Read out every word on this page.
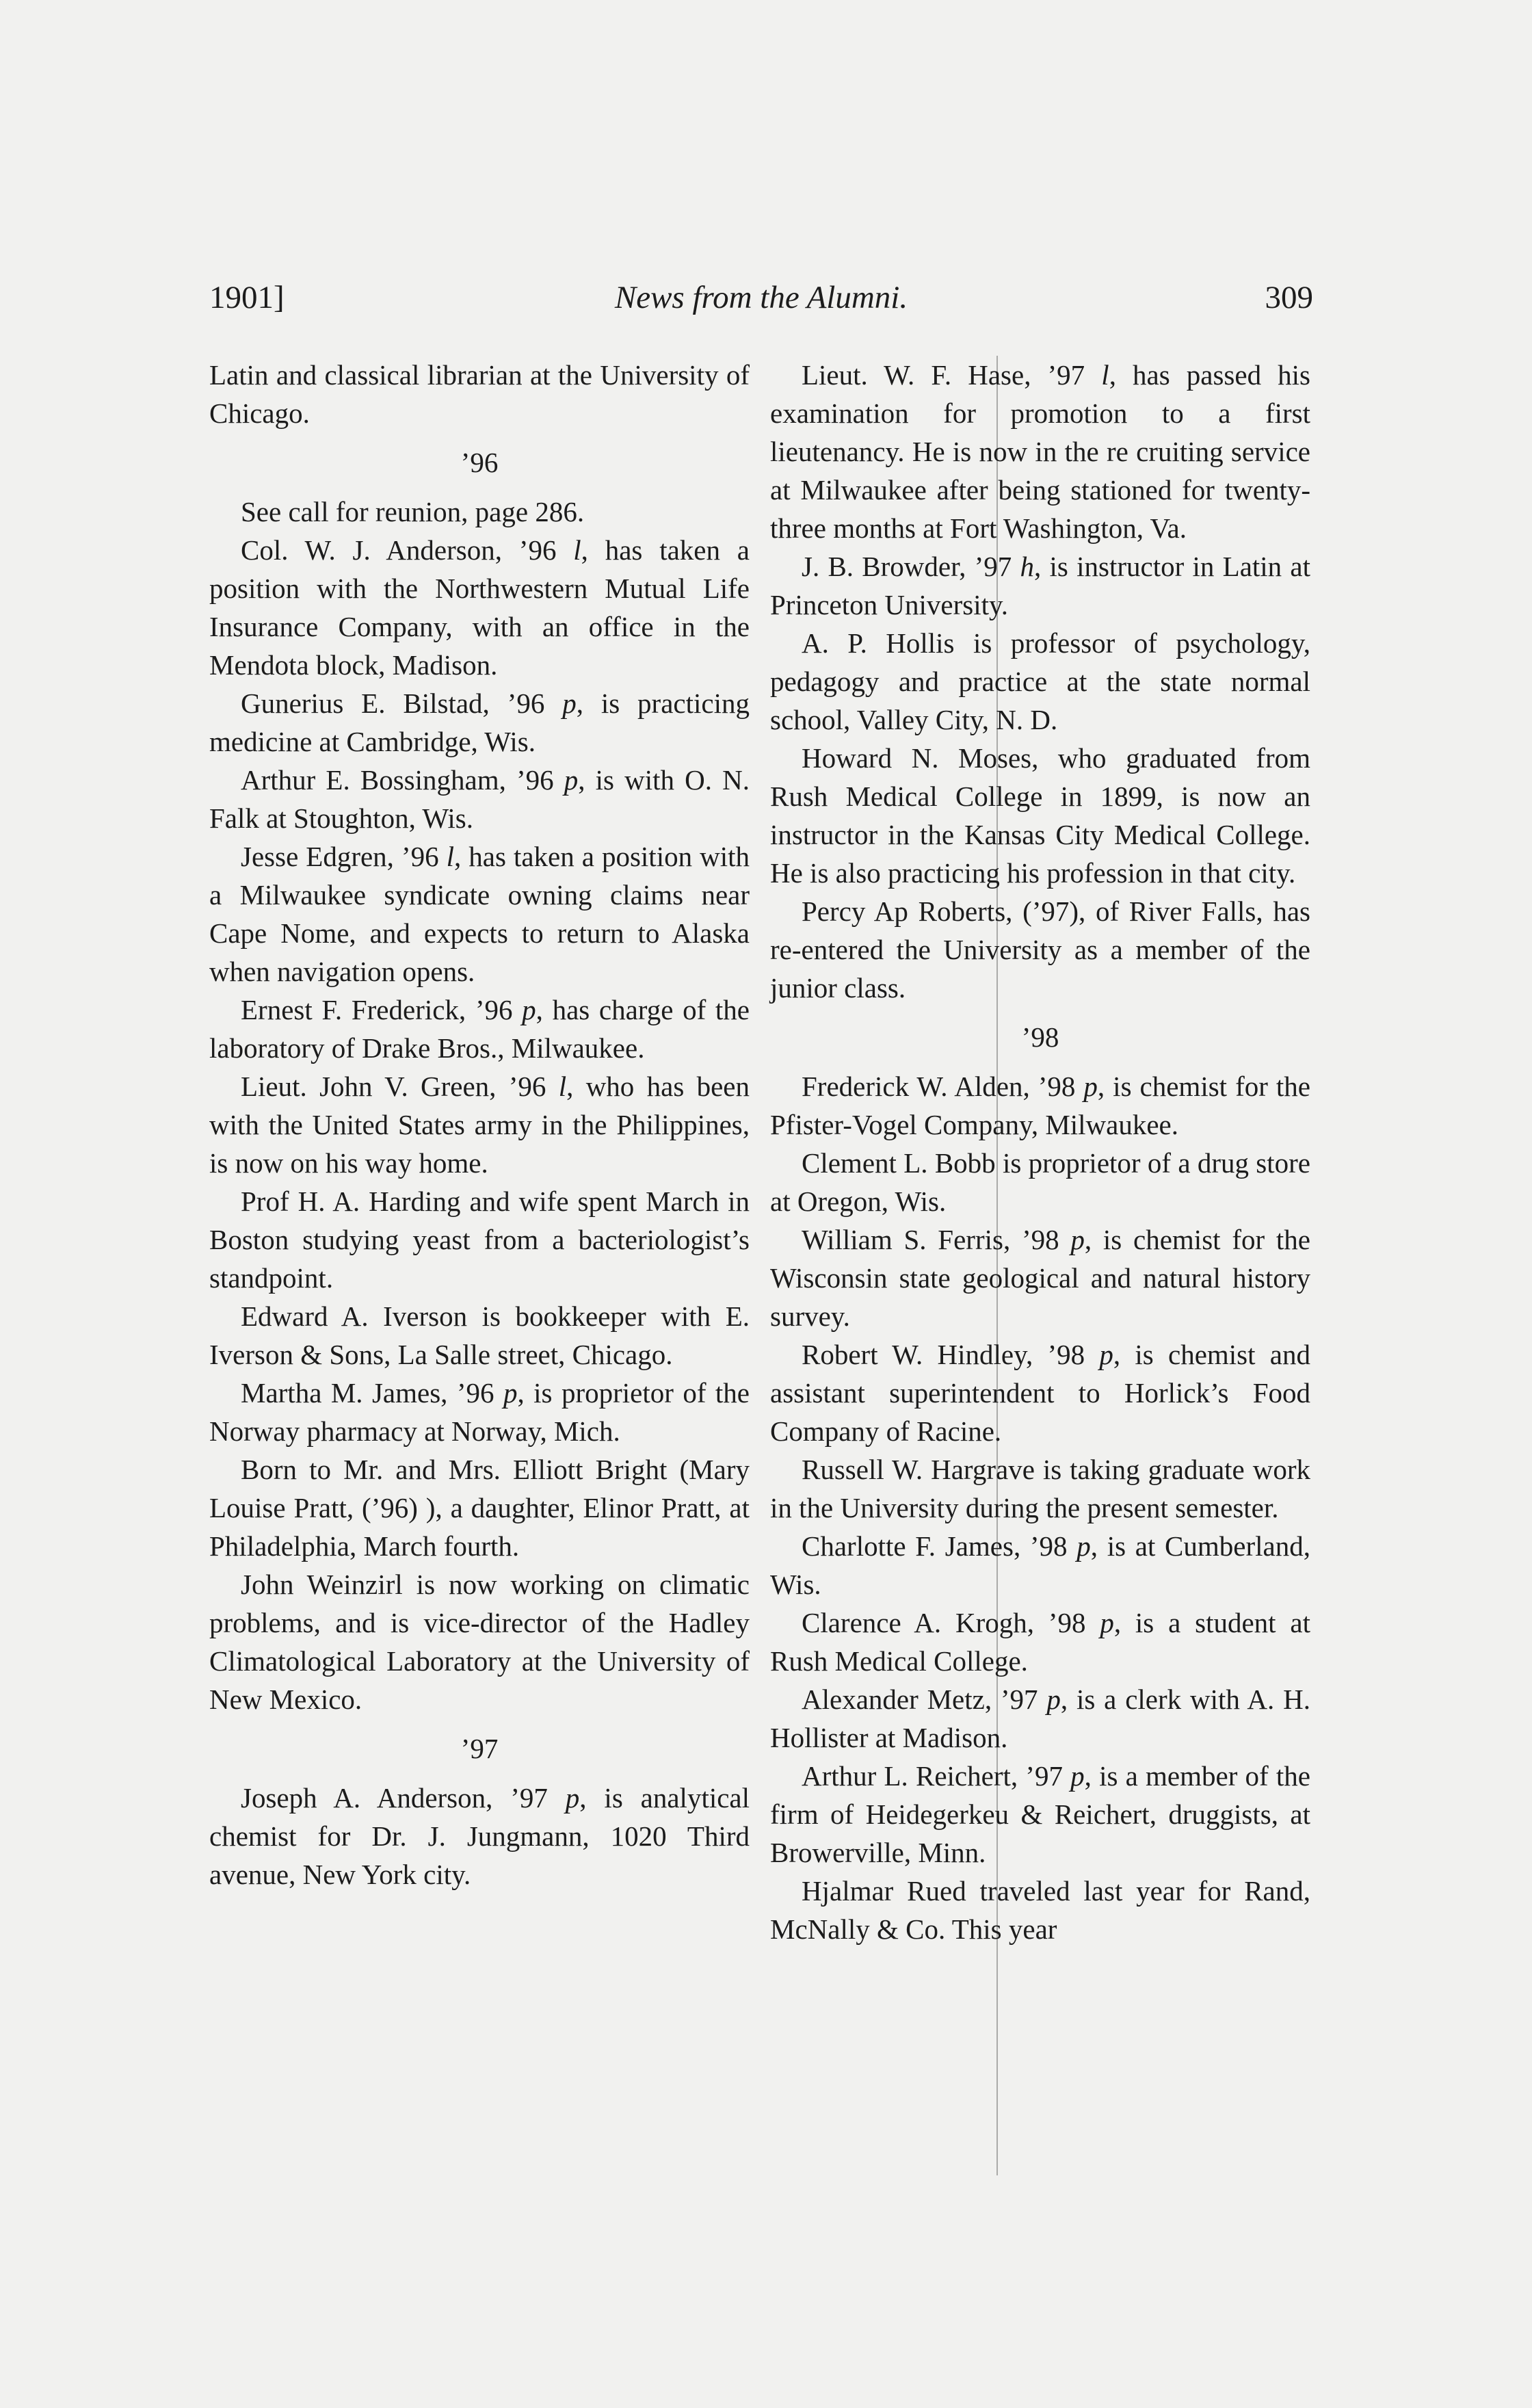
1901]	News from the Alumni.	309

Latin and classical librarian at the University of Chicago.

’96

See call for reunion, page 286.

Col. W. J. Anderson, ’96 l, has taken a position with the Northwestern Mutual Life Insurance Company, with an office in the Mendota block, Madison.

Gunerius E. Bilstad, ’96 p, is practicing medicine at Cambridge, Wis.

Arthur E. Bossingham, ’96 p, is with O. N. Falk at Stoughton, Wis.

Jesse Edgren, ’96 l, has taken a position with a Milwaukee syndicate owning claims near Cape Nome, and expects to return to Alaska when navigation opens.

Ernest F. Frederick, ’96 p, has charge of the laboratory of Drake Bros., Milwaukee.

Lieut. John V. Green, ’96 l, who has been with the United States army in the Philippines, is now on his way home.

Prof H. A. Harding and wife spent March in Boston studying yeast from a bacteriologist’s standpoint.

Edward A. Iverson is bookkeeper with E. Iverson & Sons, La Salle street, Chicago.

Martha M. James, ’96 p, is proprietor of the Norway pharmacy at Norway, Mich.

Born to Mr. and Mrs. Elliott Bright (Mary Louise Pratt, (’96) ), a daughter, Elinor Pratt, at Philadelphia, March fourth.

John Weinzirl is now working on climatic problems, and is vice-director of the Hadley Climatological Laboratory at the University of New Mexico.

’97

Joseph A. Anderson, ’97 p, is analytical chemist for Dr. J. Jungmann, 1020 Third avenue, New York city.

Lieut. W. F. Hase, ’97 l, has passed his examination for promotion to a first lieutenancy. He is now in the re cruiting service at Milwaukee after being stationed for twenty-three months at Fort Washington, Va.

J. B. Browder, ’97 h, is instructor in Latin at Princeton University.

A. P. Hollis is professor of psychology, pedagogy and practice at the state normal school, Valley City, N. D.

Howard N. Moses, who graduated from Rush Medical College in 1899, is now an instructor in the Kansas City Medical College. He is also practicing his profession in that city.

Percy Ap Roberts, (’97), of River Falls, has re-entered the University as a member of the junior class.

’98

Frederick W. Alden, ’98 p, is chemist for the Pfister-Vogel Company, Milwaukee.

Clement L. Bobb is proprietor of a drug store at Oregon, Wis.

William S. Ferris, ’98 p, is chemist for the Wisconsin state geological and natural history survey.

Robert W. Hindley, ’98 p, is chemist and assistant superintendent to Horlick’s Food Company of Racine.

Russell W. Hargrave is taking graduate work in the University during the present semester.

Charlotte F. James, ’98 p, is at Cumberland, Wis.

Clarence A. Krogh, ’98 p, is a student at Rush Medical College.

Alexander Metz, ’97 p, is a clerk with A. H. Hollister at Madison.

Arthur L. Reichert, ’97 p, is a member of the firm of Heidegerkeu & Reichert, druggists, at Browerville, Minn.

Hjalmar Rued traveled last year for Rand, McNally & Co. This year
